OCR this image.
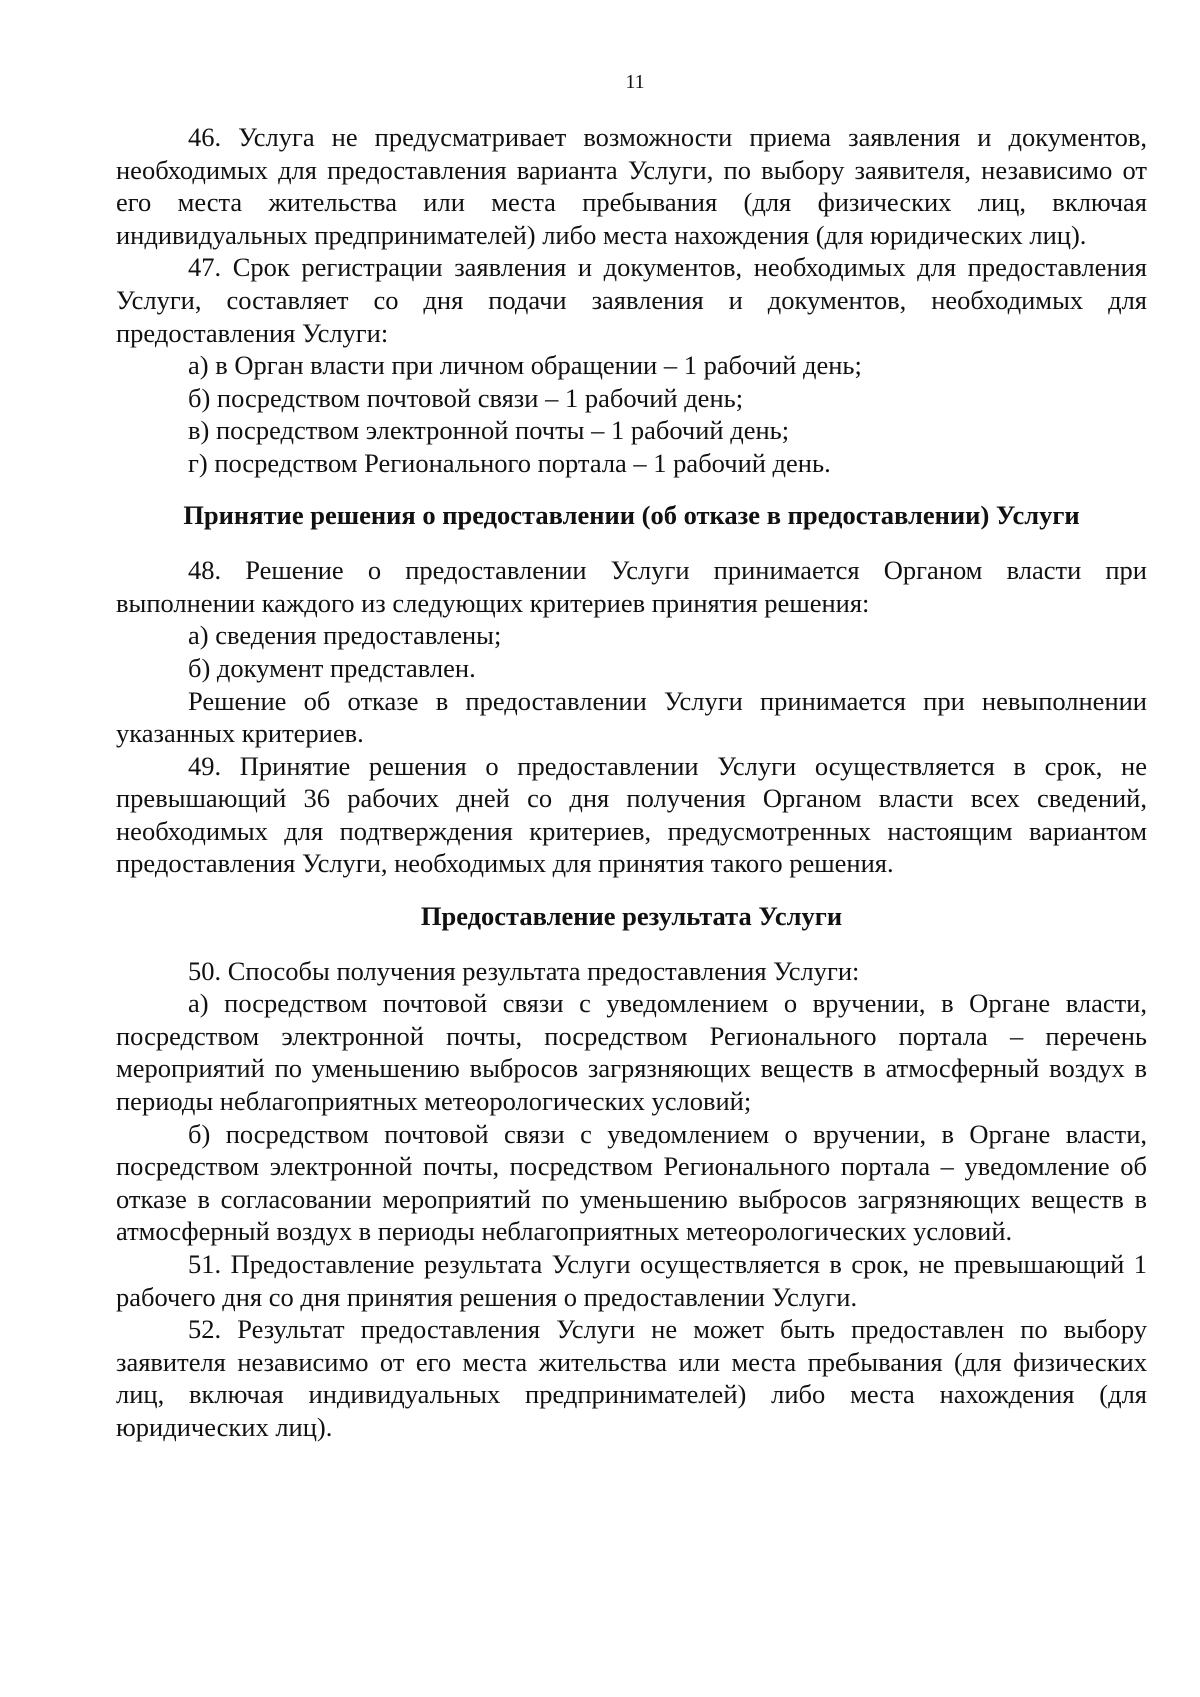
11

46. Услуга не предусматривает возможности приема заявления и документов, необходимых для предоставления варианта Услуги, по выбору заявителя, независимо от его места жительства или места пребывания (для физических лиц, включая индивидуальных предпринимателей) либо места нахождения (для юридических лиц).

47. Срок регистрации заявления и документов, необходимых для предоставления Услуги, составляет со дня подачи заявления и документов, необходимых для предоставления Услуги:

а) в Орган власти при личном обращении – 1 рабочий день;

б) посредством почтовой связи – 1 рабочий день;

в) посредством электронной почты – 1 рабочий день;

г) посредством Регионального портала – 1 рабочий день.

Принятие решения о предоставлении (об отказе в предоставлении) Услуги

48. Решение о предоставлении Услуги принимается Органом власти при выполнении каждого из следующих критериев принятия решения:

а) сведения предоставлены;

б) документ представлен.

Решение об отказе в предоставлении Услуги принимается при невыполнении указанных критериев.

49. Принятие решения о предоставлении Услуги осуществляется в срок, не превышающий 36 рабочих дней со дня получения Органом власти всех сведений, необходимых для подтверждения критериев, предусмотренных настоящим вариантом предоставления Услуги, необходимых для принятия такого решения.

Предоставление результата Услуги

50. Способы получения результата предоставления Услуги:

а) посредством почтовой связи с уведомлением о вручении, в Органе власти, посредством электронной почты, посредством Регионального портала – перечень мероприятий по уменьшению выбросов загрязняющих веществ в атмосферный воздух в периоды неблагоприятных метеорологических условий;

б) посредством почтовой связи с уведомлением о вручении, в Органе власти, посредством электронной почты, посредством Регионального портала – уведомление об отказе в согласовании мероприятий по уменьшению выбросов загрязняющих веществ в атмосферный воздух в периоды неблагоприятных метеорологических условий.

51. Предоставление результата Услуги осуществляется в срок, не превышающий 1 рабочего дня со дня принятия решения о предоставлении Услуги.

52. Результат предоставления Услуги не может быть предоставлен по выбору заявителя независимо от его места жительства или места пребывания (для физических лиц, включая индивидуальных предпринимателей) либо места нахождения (для юридических лиц).
